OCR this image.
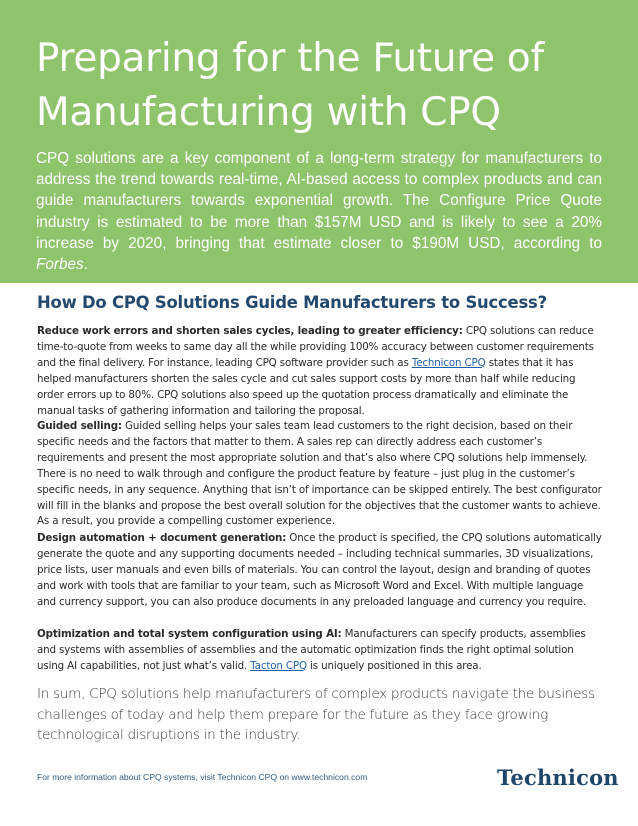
Preparing for the Future of Manufacturing with CPQ

CPQ solutions are a key component of a long-term strategy for manufacturers to address the trend towards real-time, AI-based access to complex products and can guide manufacturers towards exponential growth. The Configure Price Quote industry is estimated to be more than $157M USD and is likely to see a 20% increase by 2020, bringing that estimate closer to $190M USD, according to Forbes.

How Do CPQ Solutions Guide Manufacturers to Success?

Reduce work errors and shorten sales cycles, leading to greater efficiency: CPQ solutions can reduce time-to-quote from weeks to same day all the while providing 100% accuracy between customer requirements and the final delivery. For instance, leading CPQ software provider such as Technicon CPQ states that it has helped manufacturers shorten the sales cycle and cut sales support costs by more than half while reducing order errors up to 80%. CPQ solutions also speed up the quotation process dramatically and eliminate the manual tasks of gathering information and tailoring the proposal.

Guided selling: Guided selling helps your sales team lead customers to the right decision, based on their specific needs and the factors that matter to them. A sales rep can directly address each customer’s requirements and present the most appropriate solution and that’s also where CPQ solutions help immensely. There is no need to walk through and configure the product feature by feature – just plug in the customer’s specific needs, in any sequence. Anything that isn’t of importance can be skipped entirely. The best configurator will fill in the blanks and propose the best overall solution for the objectives that the customer wants to achieve. As a result, you provide a compelling customer experience.

Design automation + document generation: Once the product is specified, the CPQ solutions automatically generate the quote and any supporting documents needed – including technical summaries, 3D visualizations, price lists, user manuals and even bills of materials. You can control the layout, design and branding of quotes and work with tools that are familiar to your team, such as Microsoft Word and Excel. With multiple language and currency support, you can also produce documents in any preloaded language and currency you require.

Optimization and total system configuration using AI: Manufacturers can specify products, assemblies and systems with assemblies of assemblies and the automatic optimization finds the right optimal solution using AI capabilities, not just what’s valid. Tacton CPQ is uniquely positioned in this area.

In sum, CPQ solutions help manufacturers of complex products navigate the business challenges of today and help them prepare for the future as they face growing technological disruptions in the industry.

For more information about CPQ systems, visit Technicon CPQ on www.technicon.com	Technicon
